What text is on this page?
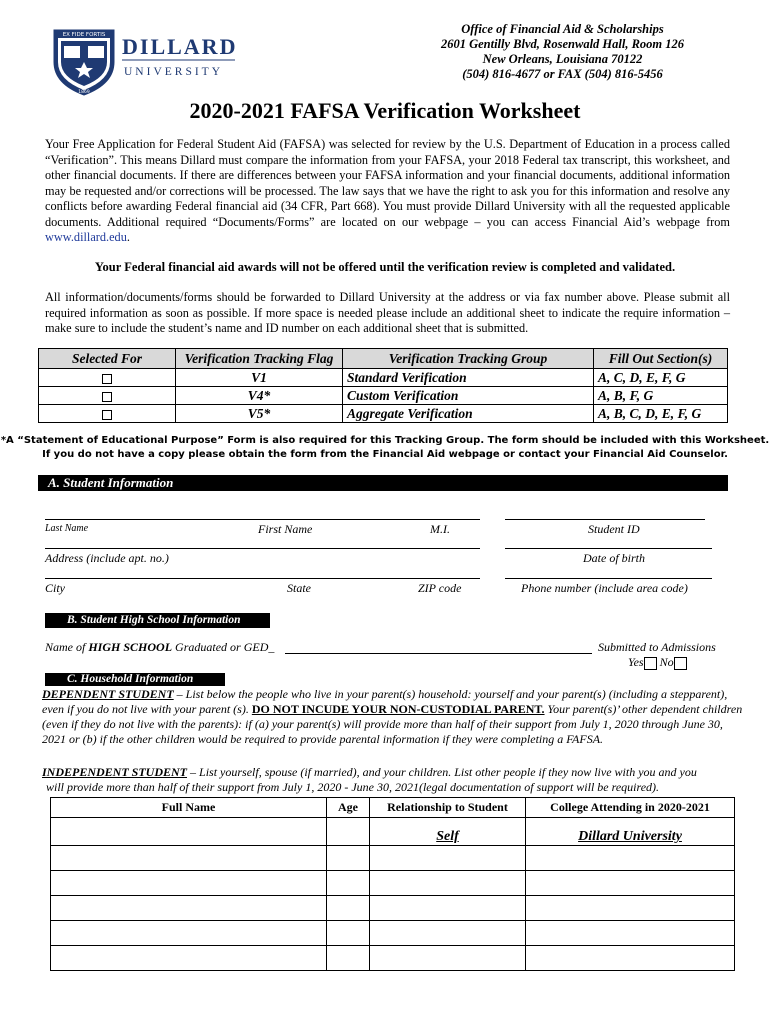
EX FIDE FORTIS
1869
DILLARD
UNIVERSITY
Office of Financial Aid & Scholarships
2601 Gentilly Blvd, Rosenwald Hall, Room 126
New Orleans, Louisiana 70122
(504) 816-4677 or FAX (504) 816-5456
2020-2021 FAFSA Verification Worksheet
Your Free Application for Federal Student Aid (FAFSA) was selected for review by the U.S. Department of Education in a process called “Verification”. This means Dillard must compare the information from your FAFSA, your 2018 Federal tax transcript, this worksheet, and other financial documents. If there are differences between your FAFSA information and your financial documents, additional information may be requested and/or corrections will be processed. The law says that we have the right to ask you for this information and resolve any conflicts before awarding Federal financial aid (34 CFR, Part 668). You must provide Dillard University with all the requested applicable documents. Additional required “Documents/Forms” are located on our webpage – you can access Financial Aid’s webpage from www.dillard.edu.
Your Federal financial aid awards will not be offered until the verification review is completed and validated.
All information/documents/forms should be forwarded to Dillard University at the address or via fax number above. Please submit all required information as soon as possible. If more space is needed please include an additional sheet to indicate the require information – make sure to include the student’s name and ID number on each additional sheet that is submitted.
Selected For	Verification Tracking Flag	Verification Tracking Group	Fill Out Section(s)
	V1	Standard Verification	A, C, D, E, F, G
	V4*	Custom Verification	A, B, F, G
	V5*	Aggregate Verification	A, B, C, D, E, F, G
*A “Statement of Educational Purpose” Form is also required for this Tracking Group. The form should be included with this Worksheet.
If you do not have a copy please obtain the form from the Financial Aid webpage or contact your Financial Aid Counselor.
A. Student Information
Last Name	First Name	M.I.	Student ID
Address (include apt. no.)	Date of birth
City	State	ZIP code	Phone number (include area code)
B. Student High School Information
Name of HIGH SCHOOL Graduated or GED_	Submitted to Admissions
Yes No
C. Household Information
DEPENDENT STUDENT – List below the people who live in your parent(s) household: yourself and your parent(s) (including a stepparent),
even if you do not live with your parent (s). DO NOT INCUDE YOUR NON-CUSTODIAL PARENT. Your parent(s)’ other dependent children
(even if they do not live with the parents): if (a) your parent(s) will provide more than half of their support from July 1, 2020 through June 30,
2021 or (b) if the other children would be required to provide parental information if they were completing a FAFSA.
INDEPENDENT STUDENT – List yourself, spouse (if married), and your children. List other people if they now live with you and you
will provide more than half of their support from July 1, 2020 - June 30, 2021(legal documentation of support will be required).
Full Name	Age	Relationship to Student	College Attending in 2020-2021
		Self	Dillard University
